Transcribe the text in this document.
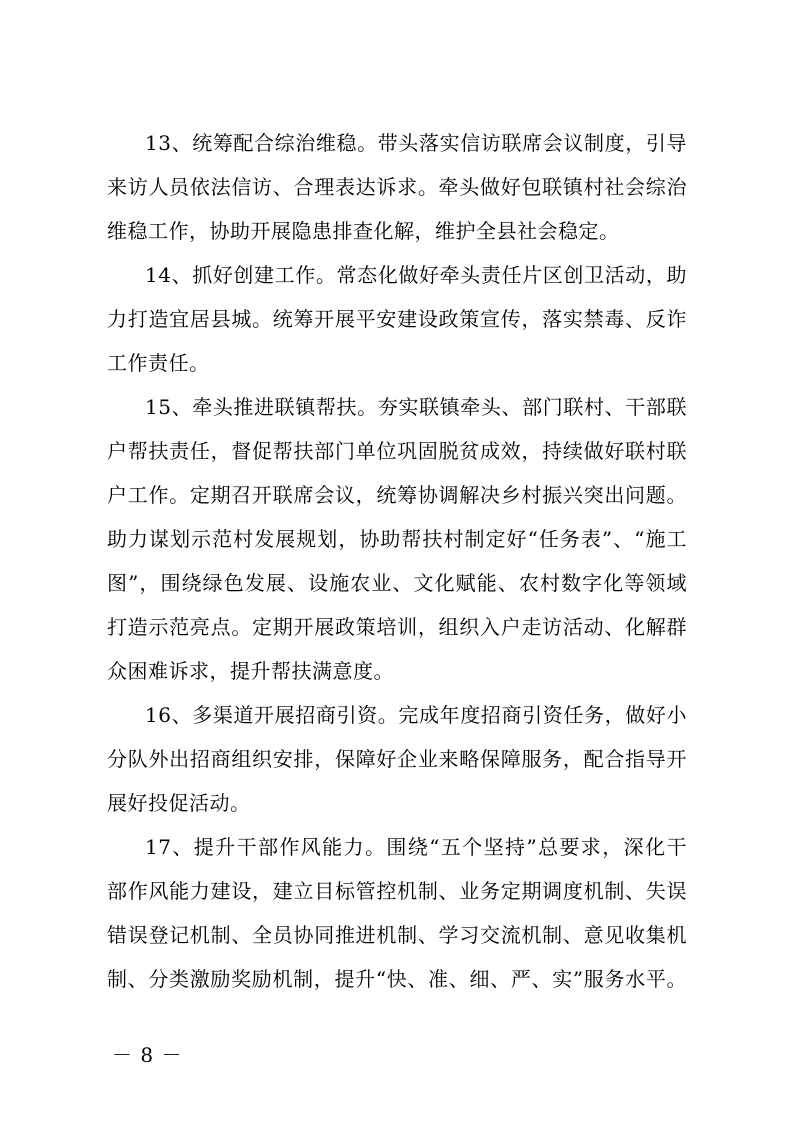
13、统筹配合综治维稳。带头落实信访联席会议制度，引导
来访人员依法信访、合理表达诉求。牵头做好包联镇村社会综治
维稳工作，协助开展隐患排查化解，维护全县社会稳定。
14、抓好创建工作。常态化做好牵头责任片区创卫活动，助
力打造宜居县城。统筹开展平安建设政策宣传，落实禁毒、反诈
工作责任。
15、牵头推进联镇帮扶。夯实联镇牵头、部门联村、干部联
户帮扶责任，督促帮扶部门单位巩固脱贫成效，持续做好联村联
户工作。定期召开联席会议，统筹协调解决乡村振兴突出问题。
助力谋划示范村发展规划，协助帮扶村制定好“任务表”、“施工
图”，围绕绿色发展、设施农业、文化赋能、农村数字化等领域
打造示范亮点。定期开展政策培训，组织入户走访活动、化解群
众困难诉求，提升帮扶满意度。
16、多渠道开展招商引资。完成年度招商引资任务，做好小
分队外出招商组织安排，保障好企业来略保障服务，配合指导开
展好投促活动。
17、提升干部作风能力。围绕“五个坚持”总要求，深化干
部作风能力建设，建立目标管控机制、业务定期调度机制、失误
错误登记机制、全员协同推进机制、学习交流机制、意见收集机
制、分类激励奖励机制，提升“快、准、细、严、实”服务水平。
－ 8 －
